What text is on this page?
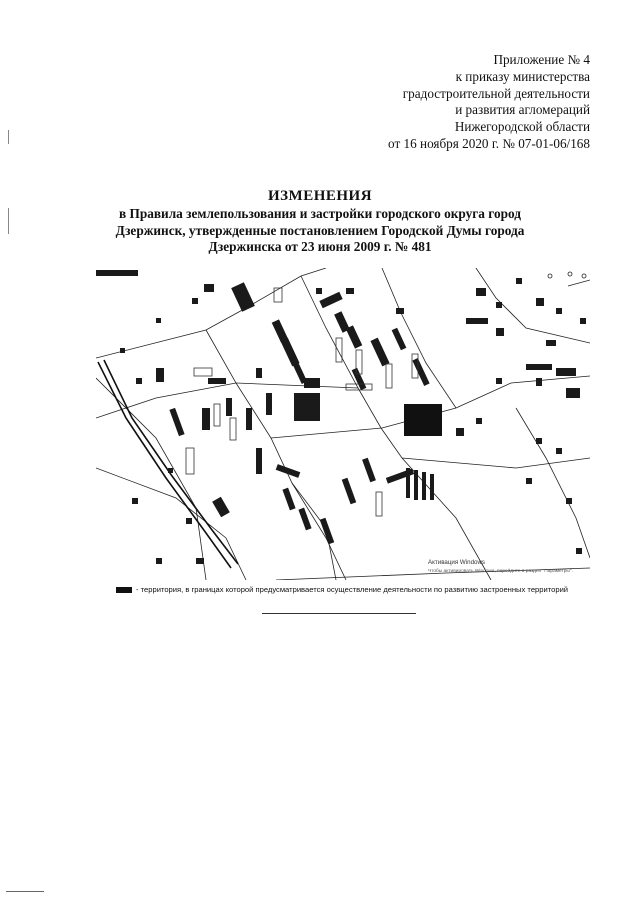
Приложение № 4
к приказу министерства
градостроительной деятельности
и развития агломераций
Нижегородской области
от 16 ноября 2020 г. № 07-01-06/168
ИЗМЕНЕНИЯ
в Правила землепользования и застройки городского округа город
Дзержинск, утвержденные постановлением Городской Думы города
Дзержинска от 23 июня 2009 г. № 481
Активация Windows
Чтобы активировать Windows, перейдите в раздел "Параметры".
- территория, в границах которой предусматривается осуществление деятельности по развитию застроенных территорий
